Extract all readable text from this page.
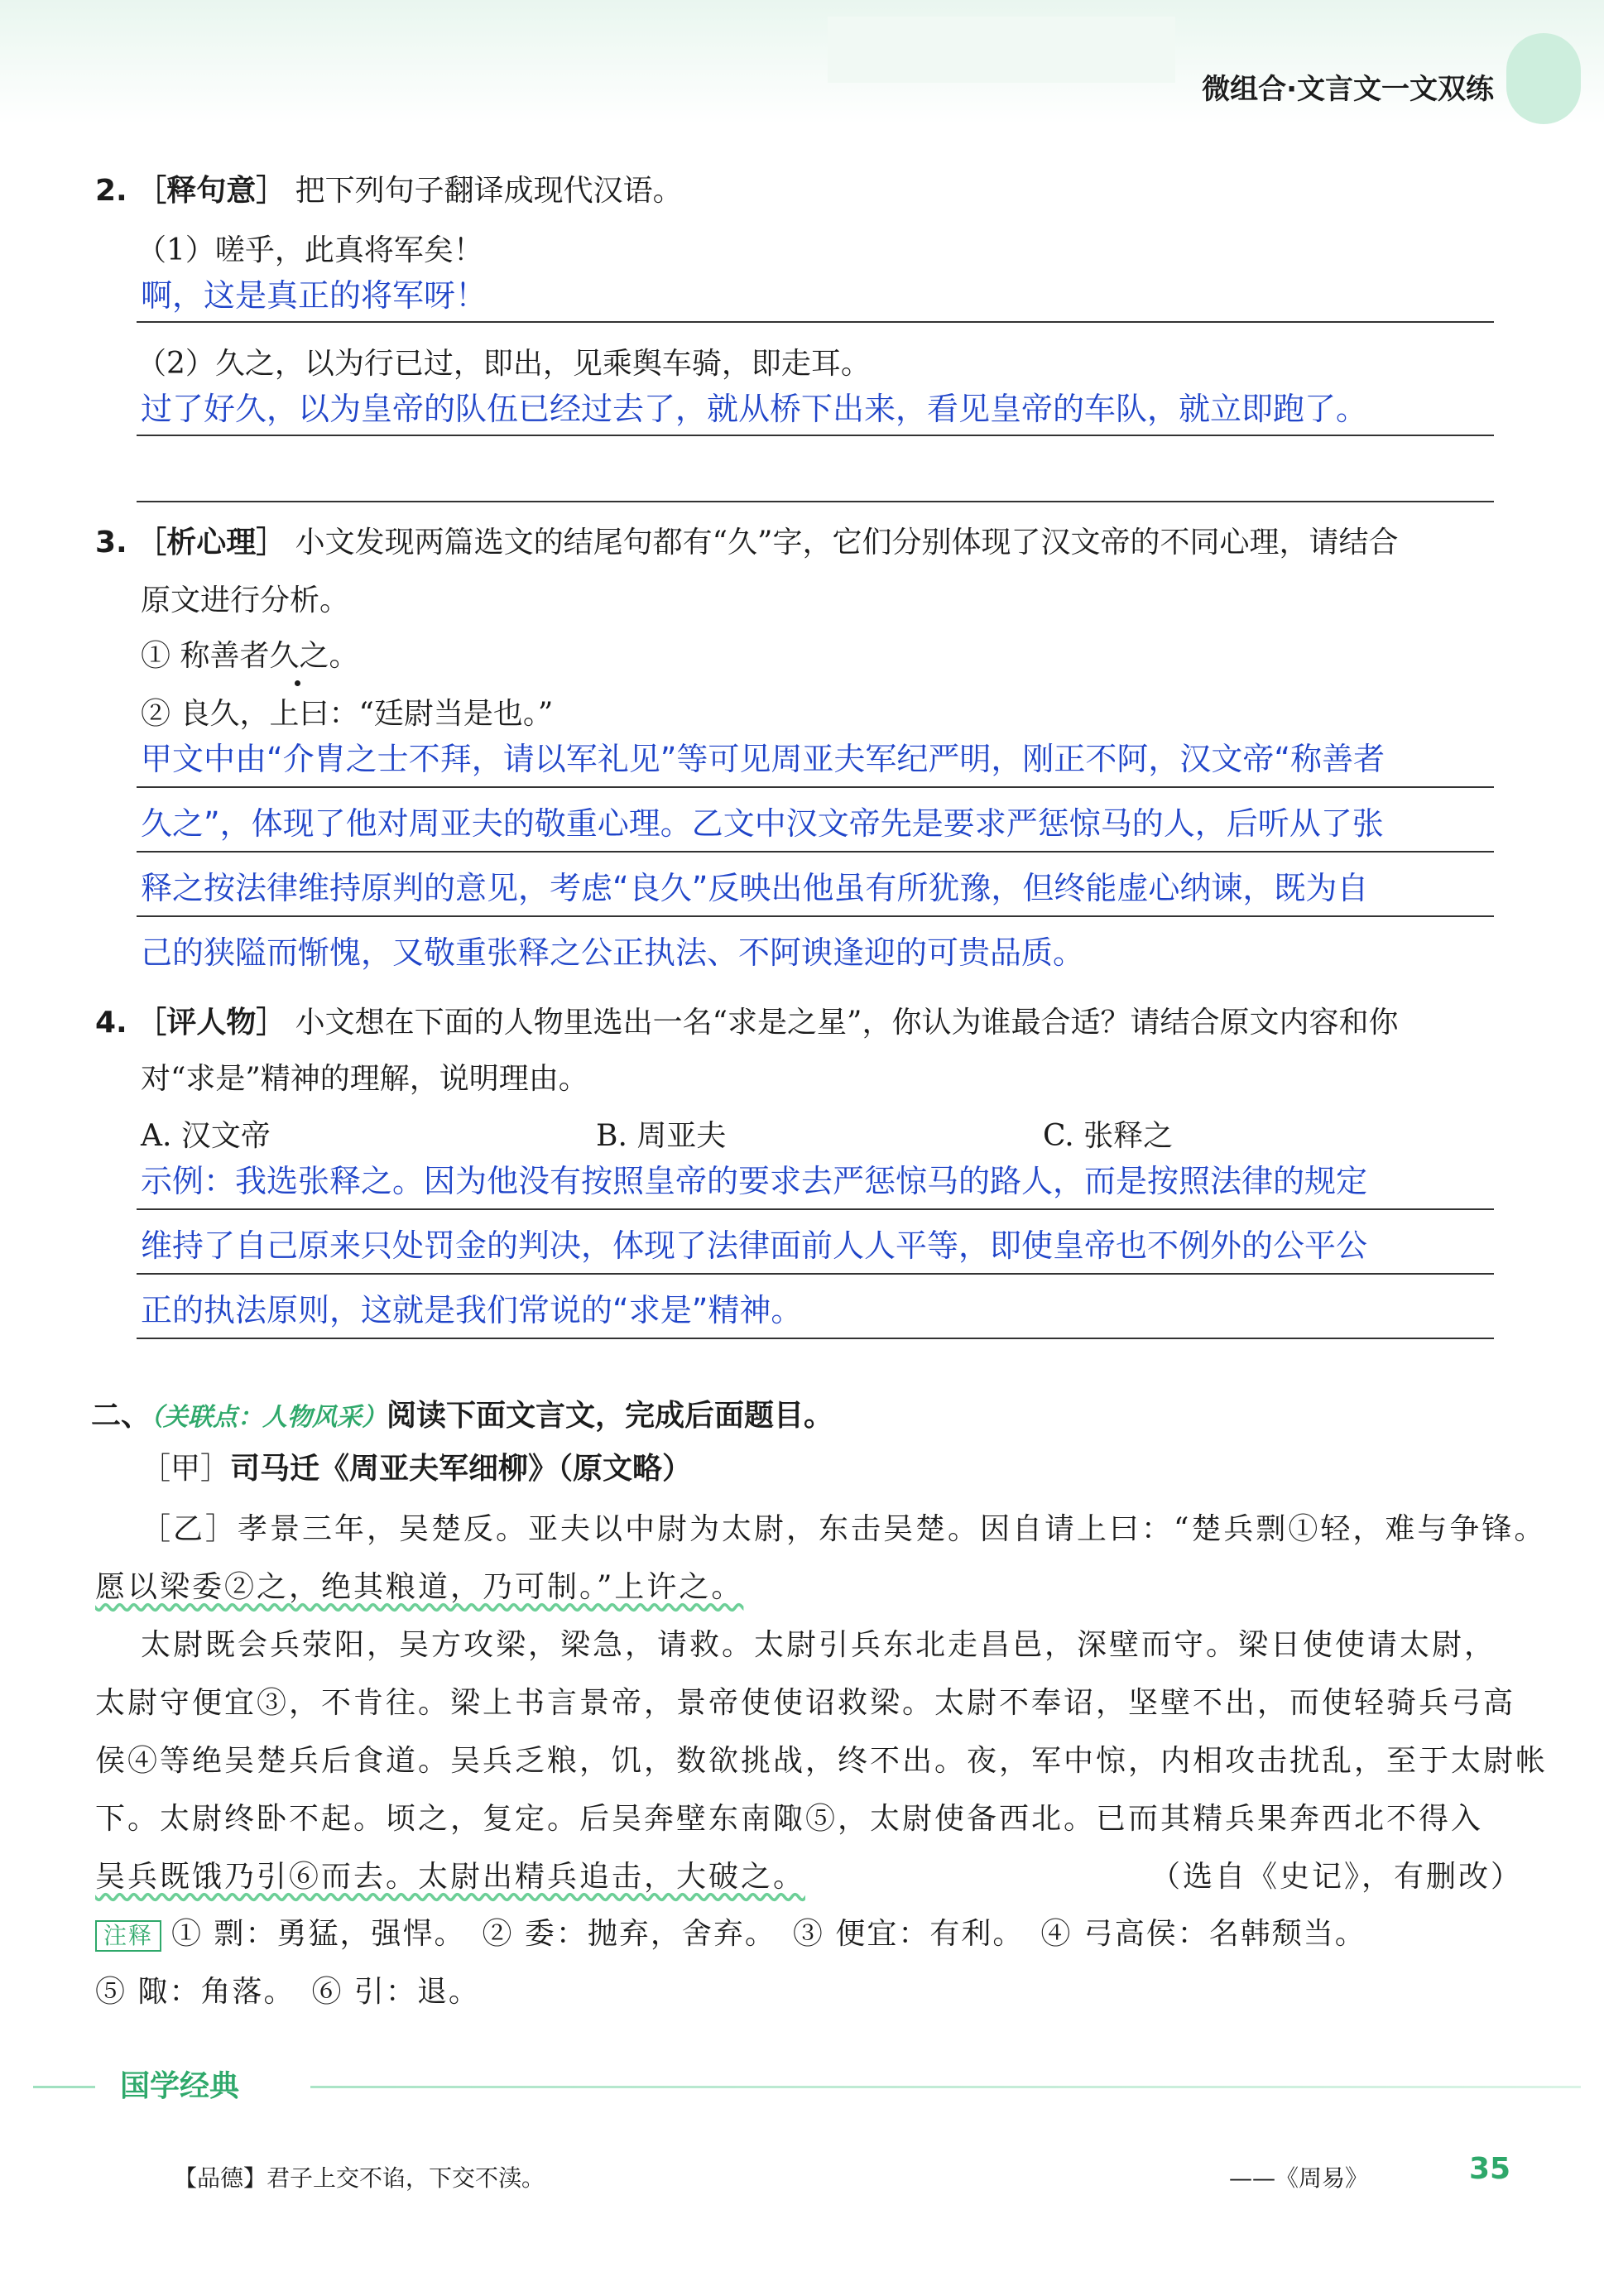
微组合·文言文一文双练
2. ［释句意］ 把下列句子翻译成现代汉语。
（1）嗟乎，此真将军矣！
啊，这是真正的将军呀！
（2）久之，以为行已过，即出，见乘舆车骑，即走耳。
过了好久，以为皇帝的队伍已经过去了，就从桥下出来，看见皇帝的车队，就立即跑了。
3. ［析心理］ 小文发现两篇选文的结尾句都有“久”字，它们分别体现了汉文帝的不同心理，请结合
原文进行分析。
① 称善者久之。
② 良久，上曰：“廷尉当是也。”
甲文中由“介胄之士不拜，请以军礼见”等可见周亚夫军纪严明，刚正不阿，汉文帝“称善者
久之”，体现了他对周亚夫的敬重心理。乙文中汉文帝先是要求严惩惊马的人，后听从了张
释之按法律维持原判的意见，考虑“良久”反映出他虽有所犹豫，但终能虚心纳谏，既为自
己的狭隘而惭愧，又敬重张释之公正执法、不阿谀逢迎的可贵品质。
4. ［评人物］ 小文想在下面的人物里选出一名“求是之星”，你认为谁最合适？请结合原文内容和你
对“求是”精神的理解，说明理由。
A. 汉文帝	B. 周亚夫	C. 张释之
示例：我选张释之。因为他没有按照皇帝的要求去严惩惊马的路人，而是按照法律的规定
维持了自己原来只处罚金的判决，体现了法律面前人人平等，即使皇帝也不例外的公平公
正的执法原则，这就是我们常说的“求是”精神。
二、（关联点：人物风采）阅读下面文言文，完成后面题目。
［甲］司马迁《周亚夫军细柳》（原文略）
［乙］孝景三年，吴楚反。亚夫以中尉为太尉，东击吴楚。因自请上曰：“楚兵剽①轻，难与争锋。
愿以梁委②之，绝其粮道，乃可制。”上许之。
太尉既会兵荥阳，吴方攻梁，梁急，请救。太尉引兵东北走昌邑，深壁而守。梁日使使请太尉，
太尉守便宜③，不肯往。梁上书言景帝，景帝使使诏救梁。太尉不奉诏，坚壁不出，而使轻骑兵弓高
侯④等绝吴楚兵后食道。吴兵乏粮，饥，数欲挑战，终不出。夜，军中惊，内相攻击扰乱，至于太尉帐
下。太尉终卧不起。顷之，复定。后吴奔壁东南陬⑤，太尉使备西北。已而其精兵果奔西北不得入
吴兵既饿乃引⑥而去。太尉出精兵追击，大破之。	（选自《史记》，有删改）
注释 ① 剽：勇猛，强悍。　② 委：抛弃，舍弃。　③ 便宜：有利。　④ 弓高侯：名韩颓当。
⑤ 陬：角落。　⑥ 引：退。
国学经典
【品德】君子上交不谄，下交不渎。	——《周易》	35
